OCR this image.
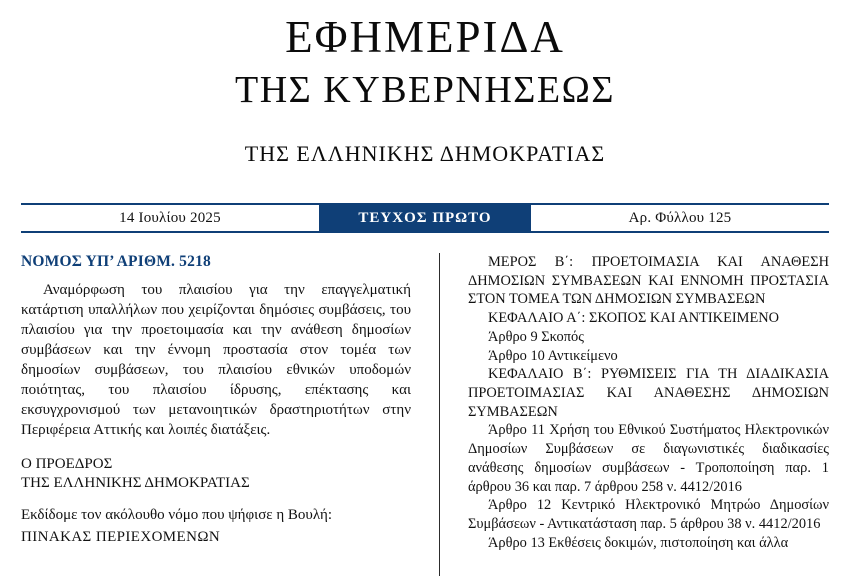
ΕΦΗΜΕΡΙΔΑ
ΤΗΣ ΚΥΒΕΡΝΗΣΕΩΣ
ΤΗΣ ΕΛΛΗΝΙΚΗΣ ΔΗΜΟΚΡΑΤΙΑΣ
14 Ιουλίου 2025	ΤΕΥΧΟΣ ΠΡΩΤΟ	Αρ. Φύλλου 125
ΝΟΜΟΣ ΥΠ’ ΑΡΙΘΜ. 5218

Αναμόρφωση του πλαισίου για την επαγγελματική κατάρτιση υπαλλήλων που χειρίζονται δημόσιες συμβάσεις, του πλαισίου για την προετοιμασία και την ανάθεση δημοσίων συμβάσεων και την έννομη προστασία στον τομέα των δημοσίων συμβάσεων, του πλαισίου εθνικών υποδομών ποιότητας, του πλαισίου ίδρυσης, επέκτασης και εκσυγχρονισμού των μετανοιητικών δραστηριοτήτων στην Περιφέρεια Αττικής και λοιπές διατάξεις.

Ο ΠΡΟΕΔΡΟΣ
ΤΗΣ ΕΛΛΗΝΙΚΗΣ ΔΗΜΟΚΡΑΤΙΑΣ
Εκδίδομε τον ακόλουθο νόμο που ψήφισε η Βουλή:
ΠΙΝΑΚΑΣ ΠΕΡΙΕΧΟΜΕΝΩΝ
ΜΕΡΟΣ Β΄: ΠΡΟΕΤΟΙΜΑΣΙΑ ΚΑΙ ΑΝΑΘΕΣΗ ΔΗΜΟΣΙΩΝ ΣΥΜΒΑΣΕΩΝ ΚΑΙ ΕΝΝΟΜΗ ΠΡΟΣΤΑΣΙΑ ΣΤΟΝ ΤΟΜΕΑ ΤΩΝ ΔΗΜΟΣΙΩΝ ΣΥΜΒΑΣΕΩΝ
ΚΕΦΑΛΑΙΟ Α΄: ΣΚΟΠΟΣ ΚΑΙ ΑΝΤΙΚΕΙΜΕΝΟ
Άρθρο 9 Σκοπός
Άρθρο 10 Αντικείμενο
ΚΕΦΑΛΑΙΟ Β΄: ΡΥΘΜΙΣΕΙΣ ΓΙΑ ΤΗ ΔΙΑΔΙΚΑΣΙΑ ΠΡΟΕΤΟΙΜΑΣΙΑΣ ΚΑΙ ΑΝΑΘΕΣΗΣ ΔΗΜΟΣΙΩΝ ΣΥΜΒΑΣΕΩΝ
Άρθρο 11 Χρήση του Εθνικού Συστήματος Ηλεκτρονικών Δημοσίων Συμβάσεων σε διαγωνιστικές διαδικασίες ανάθεσης δημοσίων συμβάσεων - Τροποποίηση παρ. 1 άρθρου 36 και παρ. 7 άρθρου 258 ν. 4412/2016
Άρθρο 12 Κεντρικό Ηλεκτρονικό Μητρώο Δημοσίων Συμβάσεων - Αντικατάσταση παρ. 5 άρθρου 38 ν. 4412/2016
Άρθρο 13 Εκθέσεις δοκιμών, πιστοποίηση και άλλα
